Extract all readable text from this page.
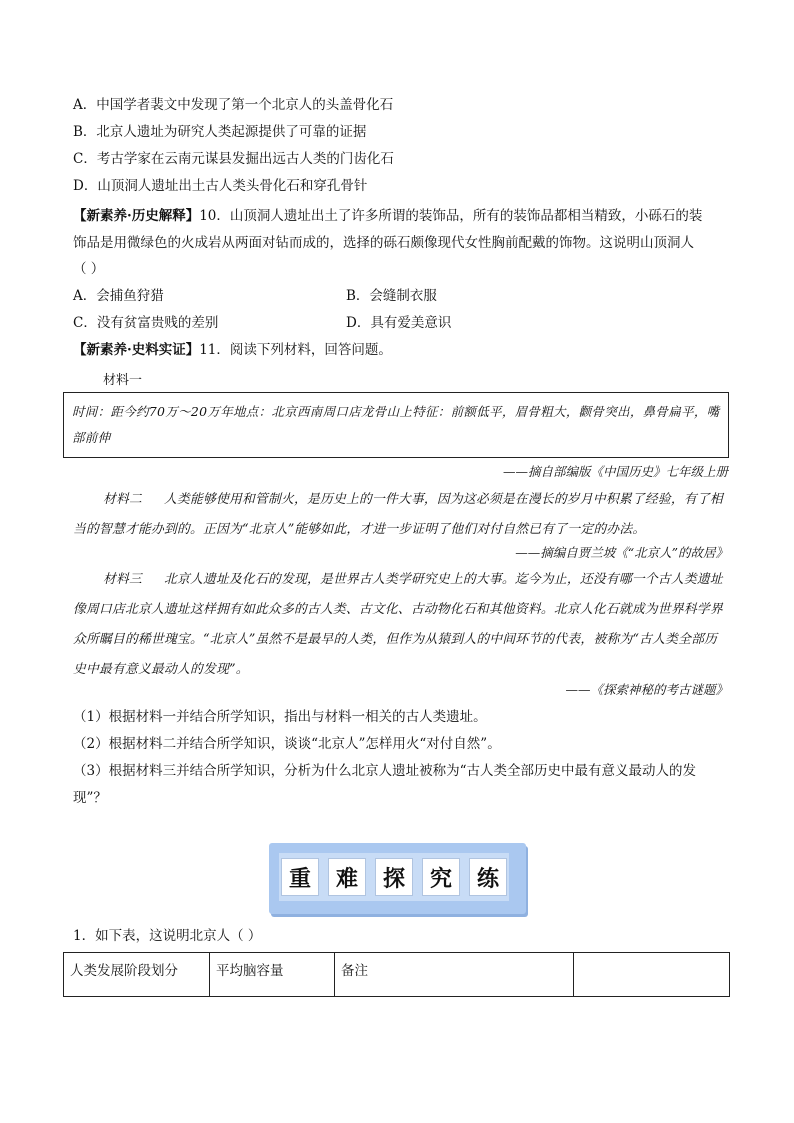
A．中国学者裴文中发现了第一个北京人的头盖骨化石
B．北京人遗址为研究人类起源提供了可靠的证据
C．考古学家在云南元谋县发掘出远古人类的门齿化石
D．山顶洞人遗址出土古人类头骨化石和穿孔骨针
【新素养·历史解释】10．山顶洞人遗址出土了许多所谓的装饰品，所有的装饰品都相当精致，小砾石的装
饰品是用微绿色的火成岩从两面对钻而成的，选择的砾石颇像现代女性胸前配戴的饰物。这说明山顶洞人
（ ）
A．会捕鱼狩猎	B．会缝制衣服
C．没有贫富贵贱的差别	D．具有爱美意识
【新素养·史料实证】11．阅读下列材料，回答问题。
材料一
时间：距今约70万～20万年地点：北京西南周口店龙骨山上特征：前额低平，眉骨粗大，颧骨突出，鼻骨扁平，嘴部前伸
——摘自部编版《中国历史》七年级上册
材料二 人类能够使用和管制火，是历史上的一件大事，因为这必须是在漫长的岁月中积累了经验，有了相当的智慧才能办到的。正因为“北京人”能够如此，才进一步证明了他们对付自然已有了一定的办法。
——摘编自贾兰坡《“北京人”的故居》
材料三 北京人遗址及化石的发现，是世界古人类学研究史上的大事。迄今为止，还没有哪一个古人类遗址像周口店北京人遗址这样拥有如此众多的古人类、古文化、古动物化石和其他资料。北京人化石就成为世界科学界众所瞩目的稀世瑰宝。“北京人”虽然不是最早的人类，但作为从猿到人的中间环节的代表，被称为“古人类全部历史中最有意义最动人的发现”。
——《探索神秘的考古谜题》
（1）根据材料一并结合所学知识，指出与材料一相关的古人类遗址。
（2）根据材料二并结合所学知识，谈谈“北京人”怎样用火“对付自然”。
（3）根据材料三并结合所学知识，分析为什么北京人遗址被称为“古人类全部历史中最有意义最动人的发
现”？
重	难	探	究	练
1．如下表，这说明北京人（ ）
人类发展阶段划分	平均脑容量	备注	
